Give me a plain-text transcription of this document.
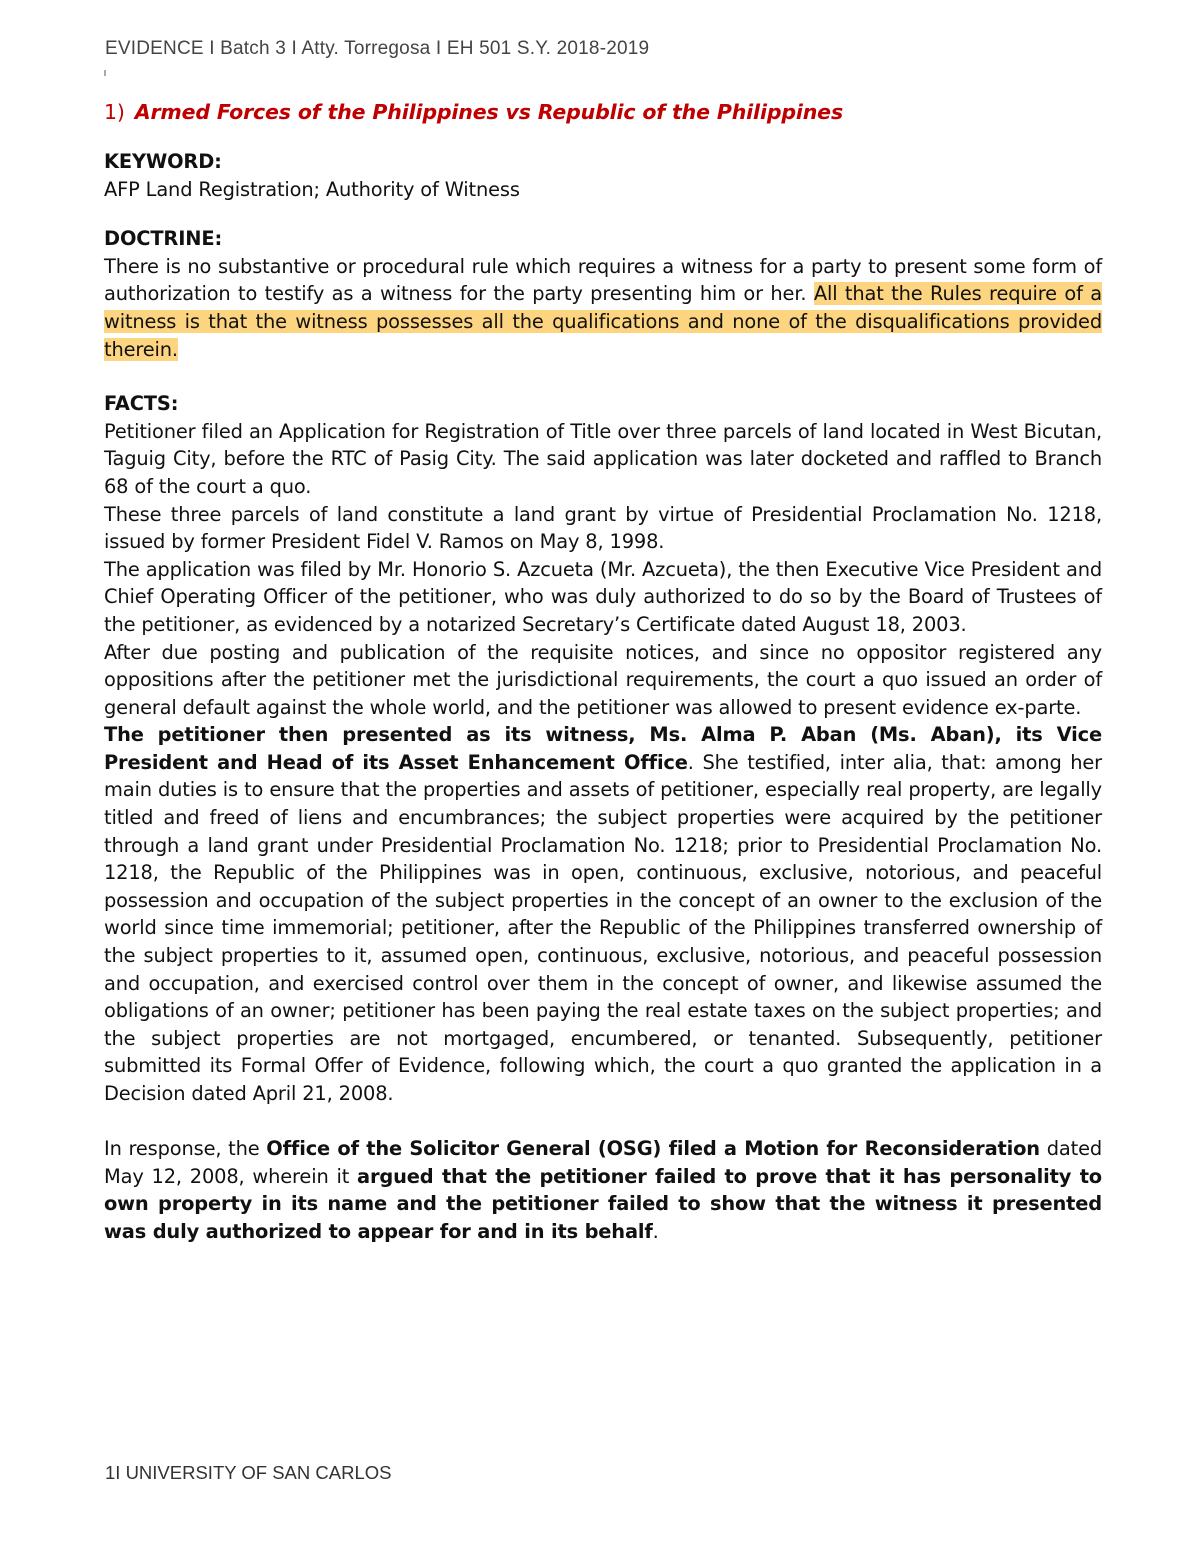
EVIDENCE I Batch 3 I Atty. Torregosa I EH 501 S.Y. 2018-2019
1) Armed Forces of the Philippines vs Republic of the Philippines
KEYWORD:

AFP Land Registration; Authority of Witness

DOCTRINE:

There is no substantive or procedural rule which requires a witness for a party to present some form of authorization to testify as a witness for the party presenting him or her. All that the Rules require of a witness is that the witness possesses all the qualifications and none of the disqualifications provided therein.

FACTS:

Petitioner filed an Application for Registration of Title over three parcels of land located in West Bicutan, Taguig City, before the RTC of Pasig City. The said application was later docketed and raffled to Branch 68 of the court a quo.

These three parcels of land constitute a land grant by virtue of Presidential Proclamation No. 1218, issued by former President Fidel V. Ramos on May 8, 1998.

The application was filed by Mr. Honorio S. Azcueta (Mr. Azcueta), the then Executive Vice President and Chief Operating Officer of the petitioner, who was duly authorized to do so by the Board of Trustees of the petitioner, as evidenced by a notarized Secretary’s Certificate dated August 18, 2003.

After due posting and publication of the requisite notices, and since no oppositor registered any oppositions after the petitioner met the jurisdictional requirements, the court a quo issued an order of general default against the whole world, and the petitioner was allowed to present evidence ex-parte.

The petitioner then presented as its witness, Ms. Alma P. Aban (Ms. Aban), its Vice President and Head of its Asset Enhancement Office. She testified, inter alia, that: among her main duties is to ensure that the properties and assets of petitioner, especially real property, are legally titled and freed of liens and encumbrances; the subject properties were acquired by the petitioner through a land grant under Presidential Proclamation No. 1218; prior to Presidential Proclamation No. 1218, the Republic of the Philippines was in open, continuous, exclusive, notorious, and peaceful possession and occupation of the subject properties in the concept of an owner to the exclusion of the world since time immemorial; petitioner, after the Republic of the Philippines transferred ownership of the subject properties to it, assumed open, continuous, exclusive, notorious, and peaceful possession and occupation, and exercised control over them in the concept of owner, and likewise assumed the obligations of an owner; petitioner has been paying the real estate taxes on the subject properties; and the subject properties are not mortgaged, encumbered, or tenanted. Subsequently, petitioner submitted its Formal Offer of Evidence, following which, the court a quo granted the application in a Decision dated April 21, 2008.

In response, the Office of the Solicitor General (OSG) filed a Motion for Reconsideration dated May 12, 2008, wherein it argued that the petitioner failed to prove that it has personality to own property in its name and the petitioner failed to show that the witness it presented was duly authorized to appear for and in its behalf.

1I UNIVERSITY OF SAN CARLOS
